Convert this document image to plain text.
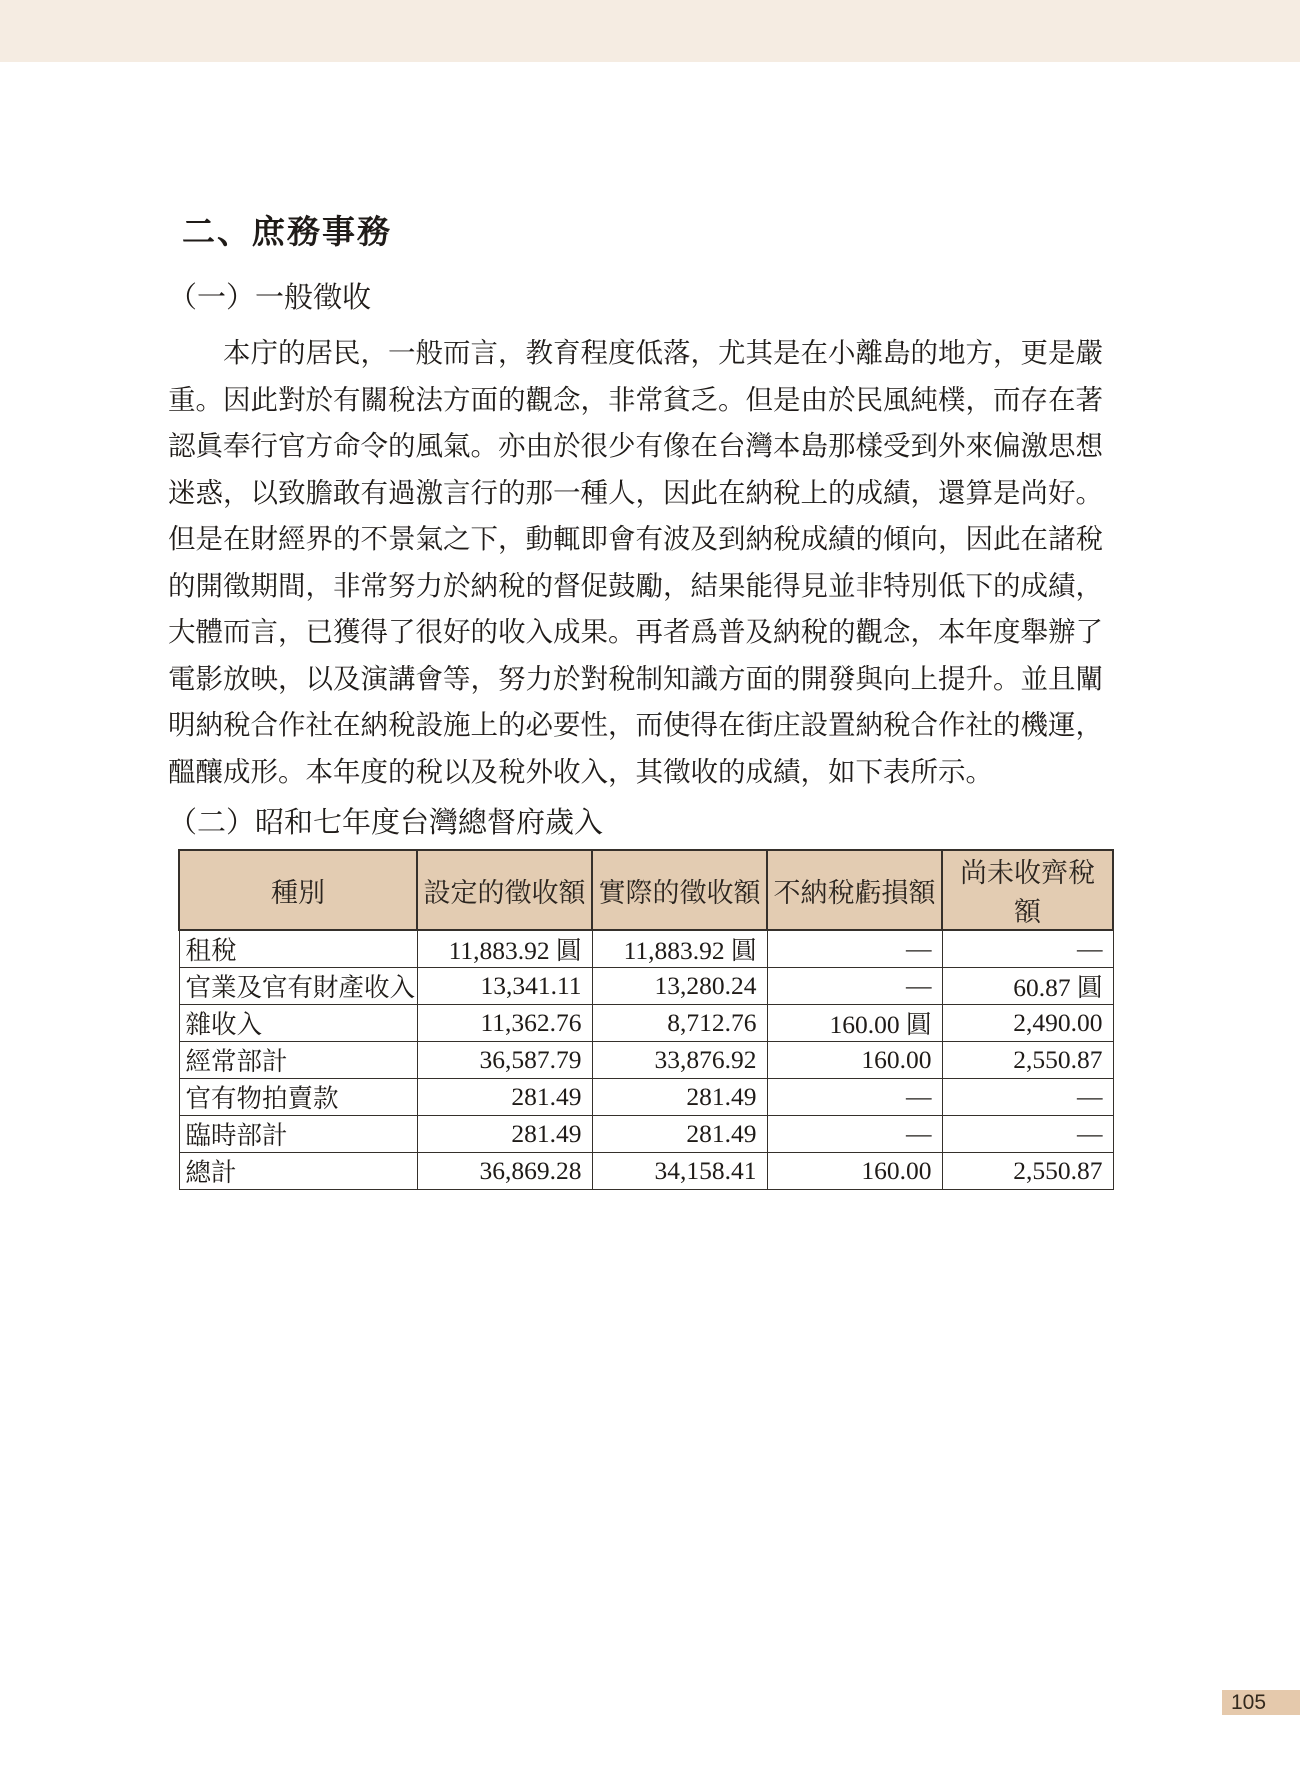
二、庶務事務
（一）一般徵收
本庁的居民，一般而言，教育程度低落，尤其是在小離島的地方，更是嚴
重。因此對於有關稅法方面的觀念，非常貧乏。但是由於民風純樸，而存在著
認眞奉行官方命令的風氣。亦由於很少有像在台灣本島那樣受到外來偏激思想
迷惑，以致膽敢有過激言行的那一種人，因此在納稅上的成績，還算是尚好。
但是在財經界的不景氣之下，動輒即會有波及到納稅成績的傾向，因此在諸稅
的開徵期間，非常努力於納稅的督促鼓勵，結果能得見並非特別低下的成績，
大體而言，已獲得了很好的收入成果。再者爲普及納稅的觀念，本年度舉辦了
電影放映，以及演講會等，努力於對稅制知識方面的開發與向上提升。並且闡
明納稅合作社在納稅設施上的必要性，而使得在街庄設置納稅合作社的機運，
醞釀成形。本年度的稅以及稅外收入，其徵收的成績，如下表所示。
（二）昭和七年度台灣總督府歲入
種別	設定的徵收額	實際的徵收額	不納稅虧損額	尚未收齊稅額
租稅	11,883.92 圓	11,883.92 圓	—	—
官業及官有財產收入	13,341.11	13,280.24	—	60.87 圓
雜收入	11,362.76	8,712.76	160.00 圓	2,490.00
經常部計	36,587.79	33,876.92	160.00	2,550.87
官有物拍賣款	281.49	281.49	—	—
臨時部計	281.49	281.49	—	—
總計	36,869.28	34,158.41	160.00	2,550.87
105
